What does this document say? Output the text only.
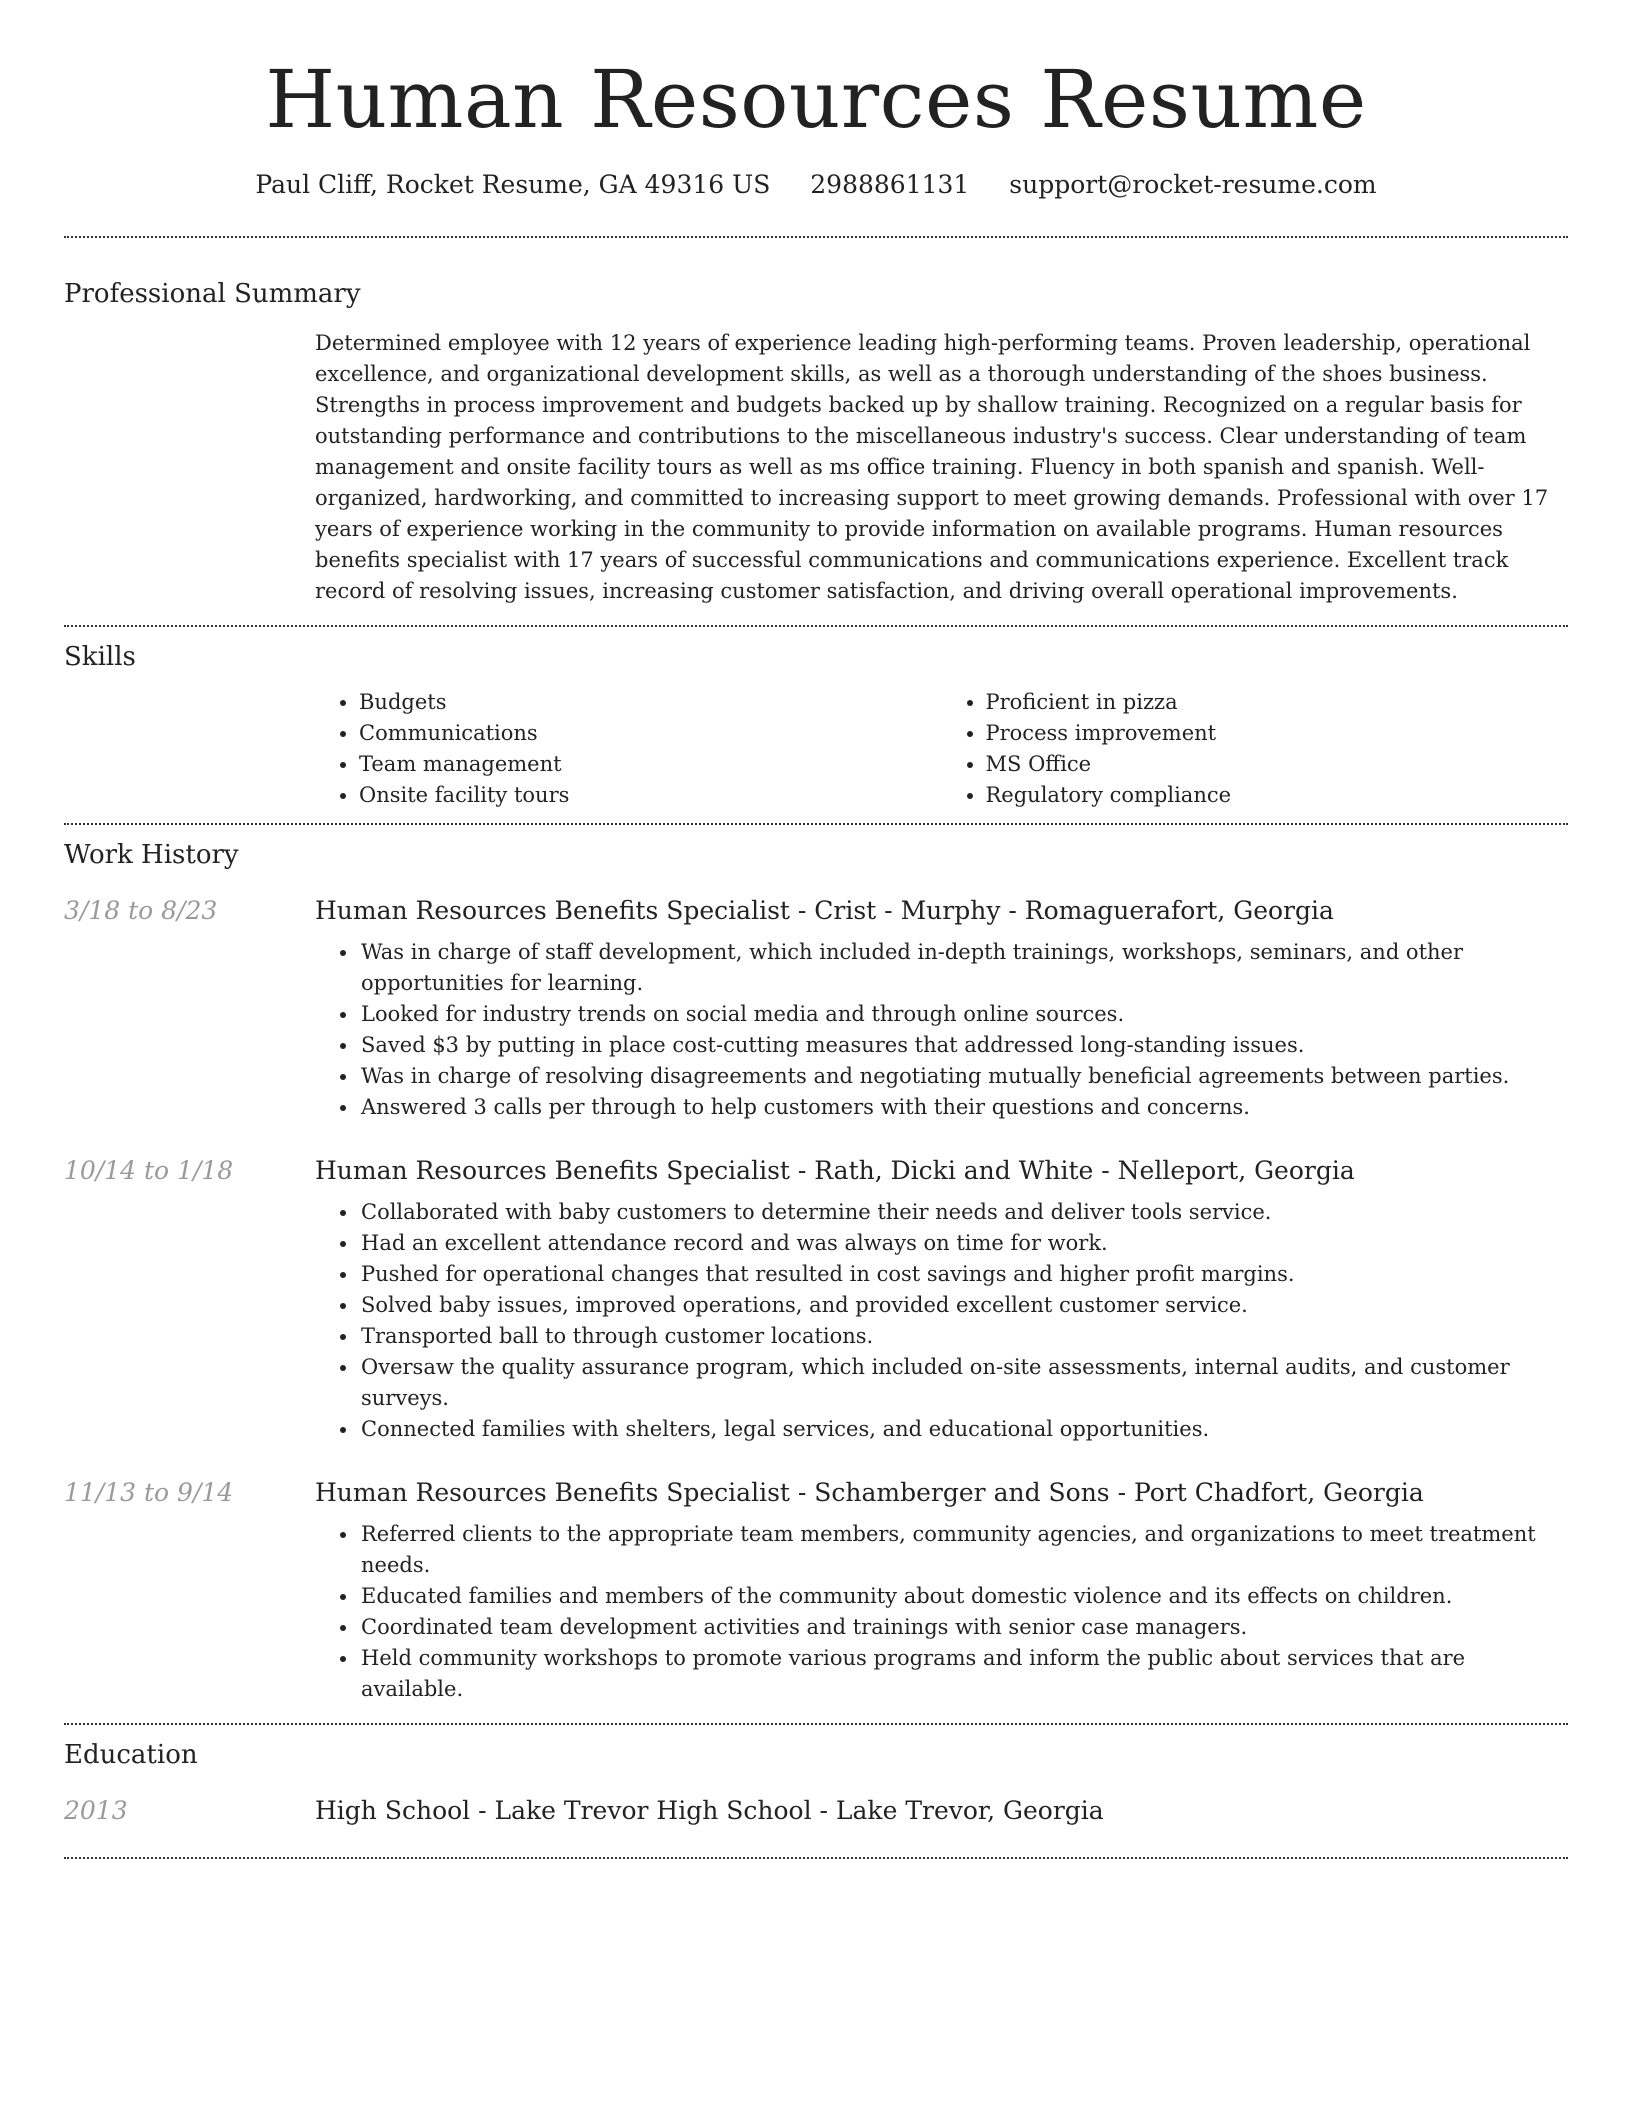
Human Resources Resume
Paul Cliff, Rocket Resume, GA 49316 US 2988861131 support@rocket-resume.com
Professional Summary

Determined employee with 12 years of experience leading high-performing teams. Proven leadership, operational excellence, and organizational development skills, as well as a thorough understanding of the shoes business. Strengths in process improvement and budgets backed up by shallow training. Recognized on a regular basis for outstanding performance and contributions to the miscellaneous industry's success. Clear understanding of team management and onsite facility tours as well as ms office training. Fluency in both spanish and spanish. Well-organized, hardworking, and committed to increasing support to meet growing demands. Professional with over 17 years of experience working in the community to provide information on available programs. Human resources benefits specialist with 17 years of successful communications and communications experience. Excellent track record of resolving issues, increasing customer satisfaction, and driving overall operational improvements.

Skills
• Budgets
• Communications
• Team management
• Onsite facility tours
• Proficient in pizza
• Process improvement
• MS Office
• Regulatory compliance
Work History
3/18 to 8/23	Human Resources Benefits Specialist - Crist - Murphy - Romaguerafort, Georgia
• Was in charge of staff development, which included in-depth trainings, workshops, seminars, and other opportunities for learning.
• Looked for industry trends on social media and through online sources.
• Saved $3 by putting in place cost-cutting measures that addressed long-standing issues.
• Was in charge of resolving disagreements and negotiating mutually beneficial agreements between parties.
• Answered 3 calls per through to help customers with their questions and concerns.
10/14 to 1/18	Human Resources Benefits Specialist - Rath, Dicki and White - Nelleport, Georgia
• Collaborated with baby customers to determine their needs and deliver tools service.
• Had an excellent attendance record and was always on time for work.
• Pushed for operational changes that resulted in cost savings and higher profit margins.
• Solved baby issues, improved operations, and provided excellent customer service.
• Transported ball to through customer locations.
• Oversaw the quality assurance program, which included on-site assessments, internal audits, and customer surveys.
• Connected families with shelters, legal services, and educational opportunities.
11/13 to 9/14	Human Resources Benefits Specialist - Schamberger and Sons - Port Chadfort, Georgia
• Referred clients to the appropriate team members, community agencies, and organizations to meet treatment needs.
• Educated families and members of the community about domestic violence and its effects on children.
• Coordinated team development activities and trainings with senior case managers.
• Held community workshops to promote various programs and inform the public about services that are available.
Education
2013	High School - Lake Trevor High School - Lake Trevor, Georgia
